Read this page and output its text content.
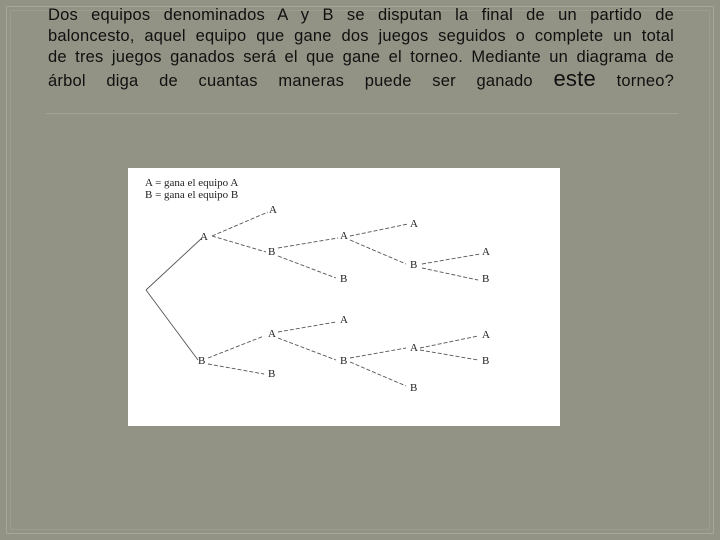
Dos equipos denominados A y B se disputan la final de un partido de
baloncesto, aquel equipo que gane dos juegos seguidos o complete un total
de tres juegos ganados será el que gane el torneo. Mediante un diagrama de
árbol diga de cuantas maneras puede ser ganado este torneo?
A = gana el equipo A
B = gana el equipo B
A
B
A
B
A
B
A
B
A
B
A
B
A
B
A
B
A
B
